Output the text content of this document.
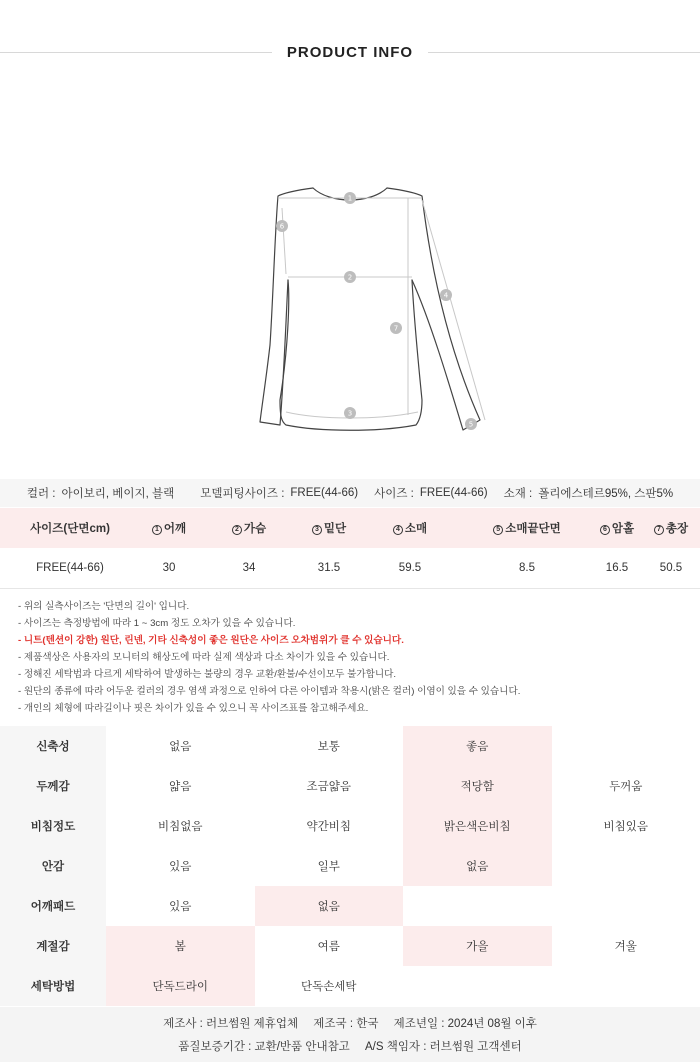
PRODUCT INFO
1
2
3
4
5
6
7
컬러 : 아이보리, 베이지, 블랙 모델피팅사이즈 : FREE(44-66) 사이즈 : FREE(44-66) 소재 : 폴리에스테르95%, 스판5%
사이즈(단면cm)	1 어깨	2 가슴	3 밑단	4 소매	5 소매끝단면	6 암홀	7 총장
FREE(44-66)	30	34	31.5	59.5	8.5	16.5	50.5
- 위의 실측사이즈는 '단면의 길이' 입니다.
- 사이즈는 측정방법에 따라 1 ~ 3cm 정도 오차가 있을 수 있습니다.
- 니트(텐션이 강한) 원단, 린넨, 기타 신축성이 좋은 원단은 사이즈 오차범위가 클 수 있습니다.
- 제품색상은 사용자의 모니터의 해상도에 따라 실제 색상과 다소 차이가 있을 수 있습니다.
- 정해진 세탁법과 다르게 세탁하여 발생하는 불량의 경우 교환/환불/수선이모두 불가합니다.
- 원단의 종류에 따라 어두운 컬러의 경우 염색 과정으로 인하여 다른 아이템과 착용시(밝은 컬러) 이염이 있을 수 있습니다.
- 개인의 체형에 따라길이나 핏은 차이가 있을 수 있으니 꼭 사이즈표를 참고해주세요.
신축성	없음	보통	좋음	
두께감	얇음	조금얇음	적당함	두꺼움
비침정도	비침없음	약간비침	밝은색은비침	비침있음
안감	있음	일부	없음	
어깨패드	있음	없음		
계절감	봄	여름	가을	겨울
세탁방법	단독드라이	단독손세탁		
제조사 : 러브썸원 제휴업체 제조국 : 한국 제조년일 : 2024년 08월 이후
품질보증기간 : 교환/반품 안내참고 A/S 책임자 : 러브썸원 고객센터
